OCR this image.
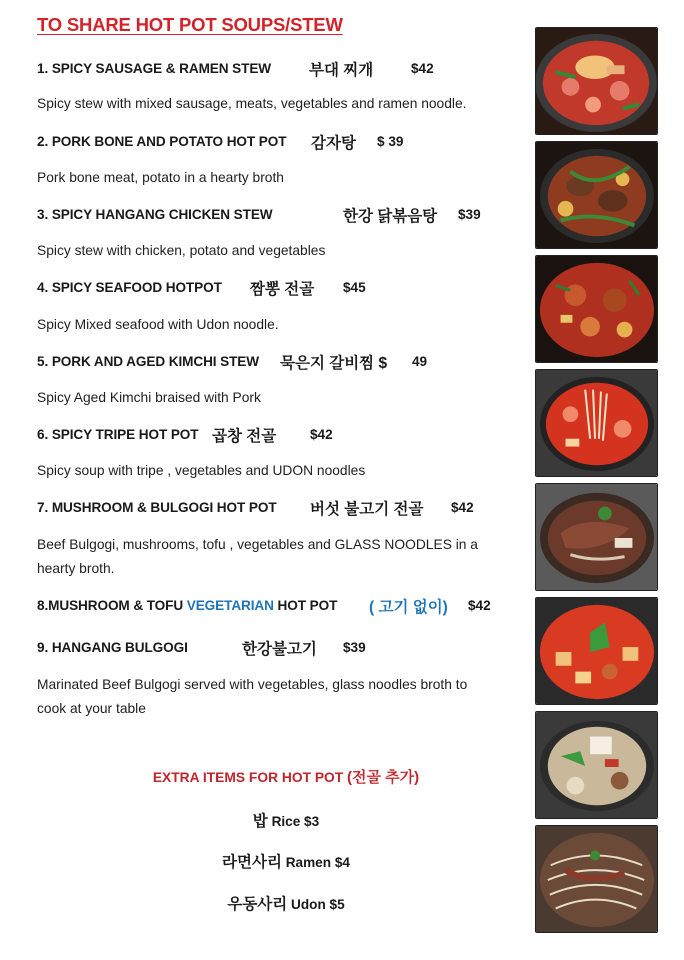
TO SHARE HOT POT SOUPS/STEW
1. SPICY SAUSAGE & RAMEN STEW 부대 찌개	$42
Spicy stew with mixed sausage, meats, vegetables and ramen noodle.
2. PORK BONE AND POTATO HOT POT 감자탕 $ 39
Pork bone meat, potato in a hearty broth
3. SPICY HANGANG CHICKEN STEW	한강 닭볶음탕 $39
Spicy stew with chicken, potato and vegetables
4. SPICY SEAFOOD HOTPOT 짬뽕 전골 $45
Spicy Mixed seafood with Udon noodle.
5. PORK AND AGED KIMCHI STEW 묵은지 갈비찜 $ 49
Spicy Aged Kimchi braised with Pork
6. SPICY TRIPE HOT POT 곱창 전골 $42
Spicy soup with tripe , vegetables and UDON noodles
7. MUSHROOM & BULGOGI HOT POT 버섯 불고기 전골 $42
Beef Bulgogi, mushrooms, tofu , vegetables and GLASS NOODLES in a
hearty broth.
8.MUSHROOM & TOFU VEGETARIAN HOT POT ( 고기 없이) $42
9. HANGANG BULGOGI	한강불고기 $39
Marinated Beef Bulgogi served with vegetables, glass noodles broth to
cook at your table
EXTRA ITEMS FOR HOT POT (전골 추가)
밥 Rice $3
라면사리 Ramen $4
우동사리 Udon $5
